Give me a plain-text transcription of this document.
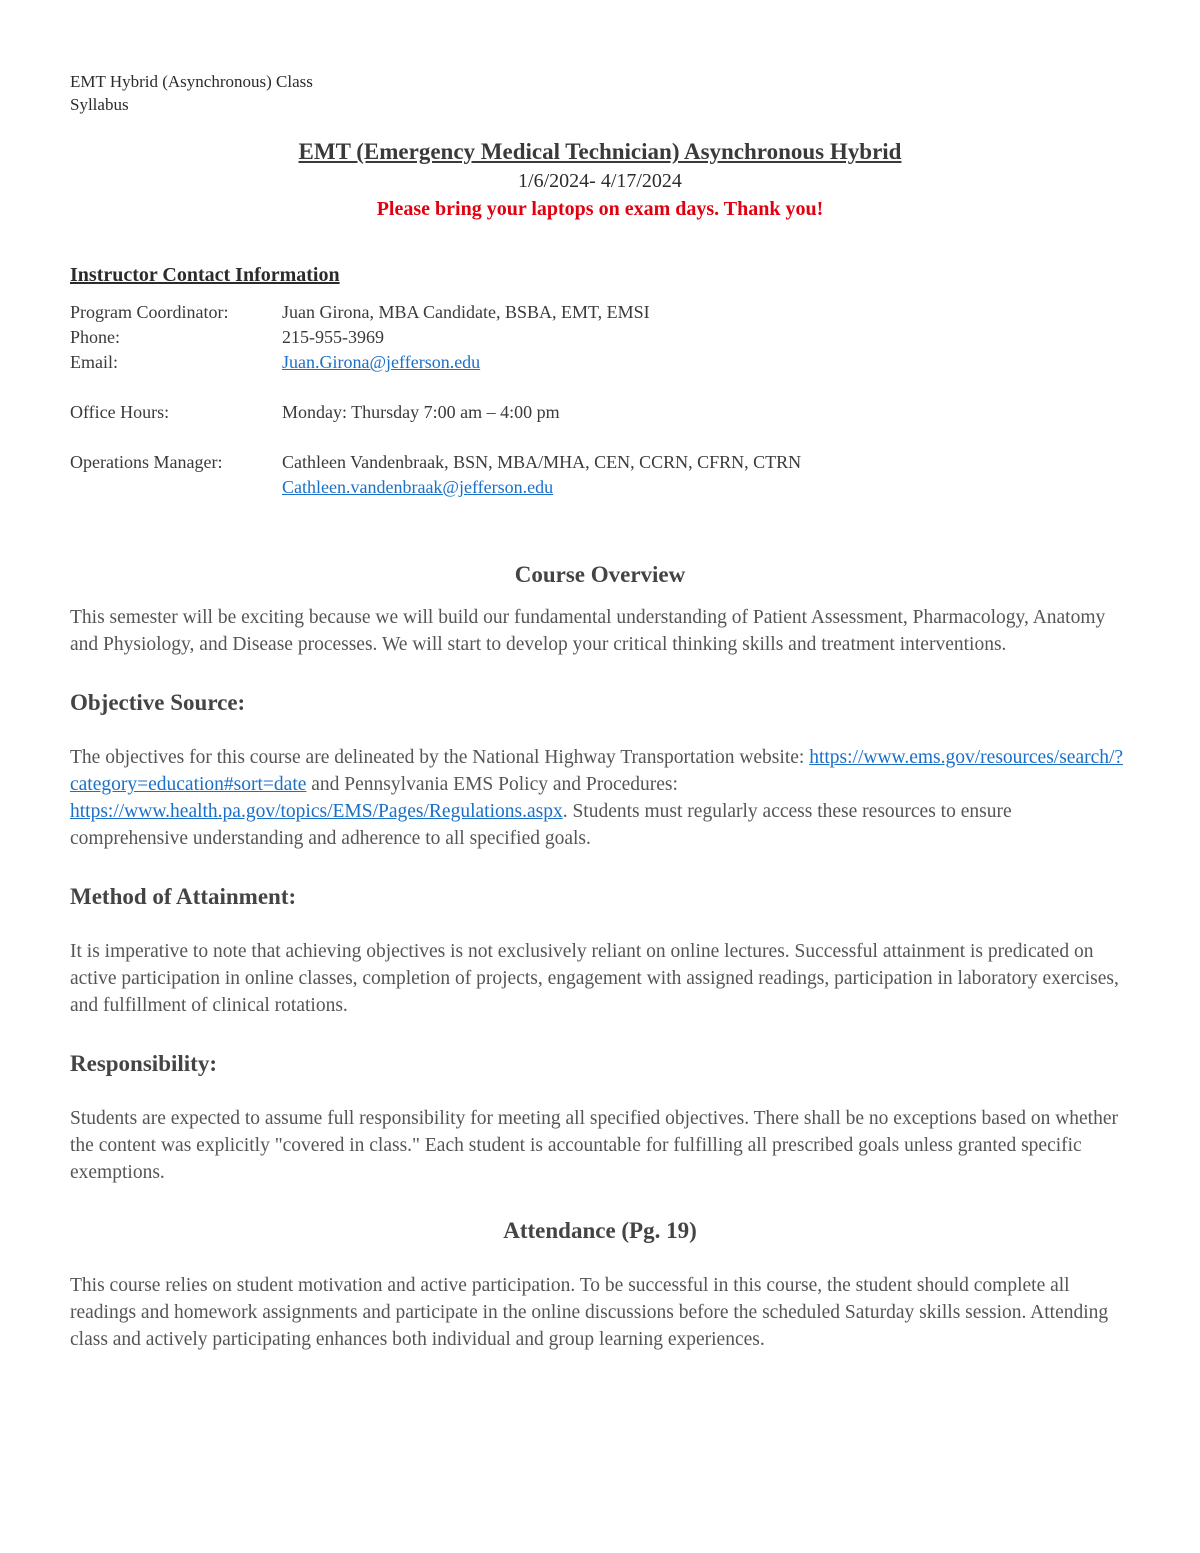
EMT Hybrid (Asynchronous) Class
Syllabus
EMT (Emergency Medical Technician) Asynchronous Hybrid
1/6/2024- 4/17/2024
Please bring your laptops on exam days. Thank you!
Instructor Contact Information
Program Coordinator:	Juan Girona, MBA Candidate, BSBA, EMT, EMSI
Phone:	215-955-3969
Email:	Juan.Girona@jefferson.edu
Office Hours:	Monday: Thursday 7:00 am – 4:00 pm
Operations Manager:	Cathleen Vandenbraak, BSN, MBA/MHA, CEN, CCRN, CFRN, CTRN
Cathleen.vandenbraak@jefferson.edu
Course Overview

This semester will be exciting because we will build our fundamental understanding of Patient Assessment, Pharmacology, Anatomy and Physiology, and Disease processes. We will start to develop your critical thinking skills and treatment interventions.

Objective Source:

The objectives for this course are delineated by the National Highway Transportation website: https://www.ems.gov/resources/search/?category=education#sort=date and Pennsylvania EMS Policy and Procedures: https://www.health.pa.gov/topics/EMS/Pages/Regulations.aspx. Students must regularly access these resources to ensure comprehensive understanding and adherence to all specified goals.

Method of Attainment:

It is imperative to note that achieving objectives is not exclusively reliant on online lectures. Successful attainment is predicated on active participation in online classes, completion of projects, engagement with assigned readings, participation in laboratory exercises, and fulfillment of clinical rotations.

Responsibility:

Students are expected to assume full responsibility for meeting all specified objectives. There shall be no exceptions based on whether the content was explicitly "covered in class." Each student is accountable for fulfilling all prescribed goals unless granted specific exemptions.

Attendance (Pg. 19)

This course relies on student motivation and active participation. To be successful in this course, the student should complete all readings and homework assignments and participate in the online discussions before the scheduled Saturday skills session. Attending class and actively participating enhances both individual and group learning experiences.
